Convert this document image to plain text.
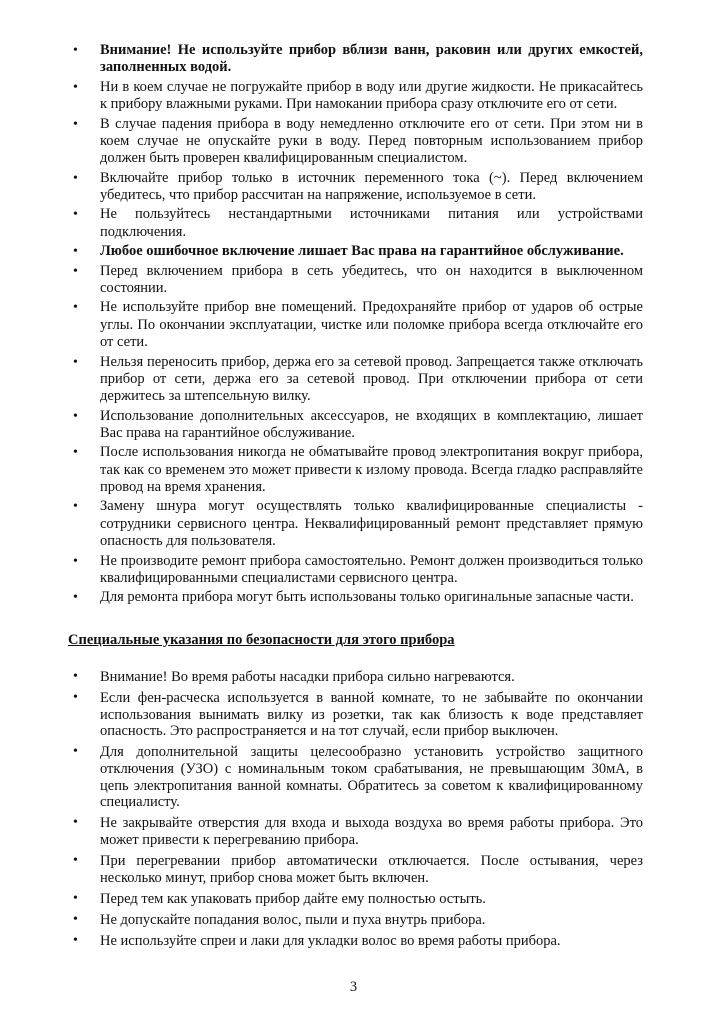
• Внимание! Не используйте прибор вблизи ванн, раковин или других емкостей, заполненных водой.
• Ни в коем случае не погружайте прибор в воду или другие жидкости. Не прикасайтесь к прибору влажными руками. При намокании прибора сразу отключите его от сети.
• В случае падения прибора в воду немедленно отключите его от сети. При этом ни в коем случае не опускайте руки в воду. Перед повторным использованием прибор должен быть проверен квалифицированным специалистом.
• Включайте прибор только в источник переменного тока (~). Перед включением убедитесь, что прибор рассчитан на напряжение, используемое в сети.
• Не пользуйтесь нестандартными источниками питания или устройствами подключения.
• Любое ошибочное включение лишает Вас права на гарантийное обслуживание.
• Перед включением прибора в сеть убедитесь, что он находится в выключенном состоянии.
• Не используйте прибор вне помещений. Предохраняйте прибор от ударов об острые углы. По окончании эксплуатации, чистке или поломке прибора всегда отключайте его от сети.
• Нельзя переносить прибор, держа его за сетевой провод. Запрещается также отключать прибор от сети, держа его за сетевой провод. При отключении прибора от сети держитесь за штепсельную вилку.
• Использование дополнительных аксессуаров, не входящих в комплектацию, лишает Вас права на гарантийное обслуживание.
• После использования никогда не обматывайте провод электропитания вокруг прибора, так как со временем это может привести к излому провода. Всегда гладко расправляйте провод на время хранения.
• Замену шнура могут осуществлять только квалифицированные специалисты - сотрудники сервисного центра. Неквалифицированный ремонт представляет прямую опасность для пользователя.
• Не производите ремонт прибора самостоятельно. Ремонт должен производиться только квалифицированными специалистами сервисного центра.
• Для ремонта прибора могут быть использованы только оригинальные запасные части.
Специальные указания по безопасности для этого прибора
• Внимание! Во время работы насадки прибора сильно нагреваются.
• Если фен-расческа используется в ванной комнате, то не забывайте по окончании использования вынимать вилку из розетки, так как близость к воде представляет опасность. Это распространяется и на тот случай, если прибор выключен.
• Для дополнительной защиты целесообразно установить устройство защитного отключения (УЗО) с номинальным током срабатывания, не превышающим 30мА, в цепь электропитания ванной комнаты. Обратитесь за советом к квалифицированному специалисту.
• Не закрывайте отверстия для входа и выхода воздуха во время работы прибора. Это может привести к перегреванию прибора.
• При перегревании прибор автоматически отключается. После остывания, через несколько минут, прибор снова может быть включен.
• Перед тем как упаковать прибор дайте ему полностью остыть.
• Не допускайте попадания волос, пыли и пуха внутрь прибора.
• Не используйте спреи и лаки для укладки волос во время работы прибора.
3
